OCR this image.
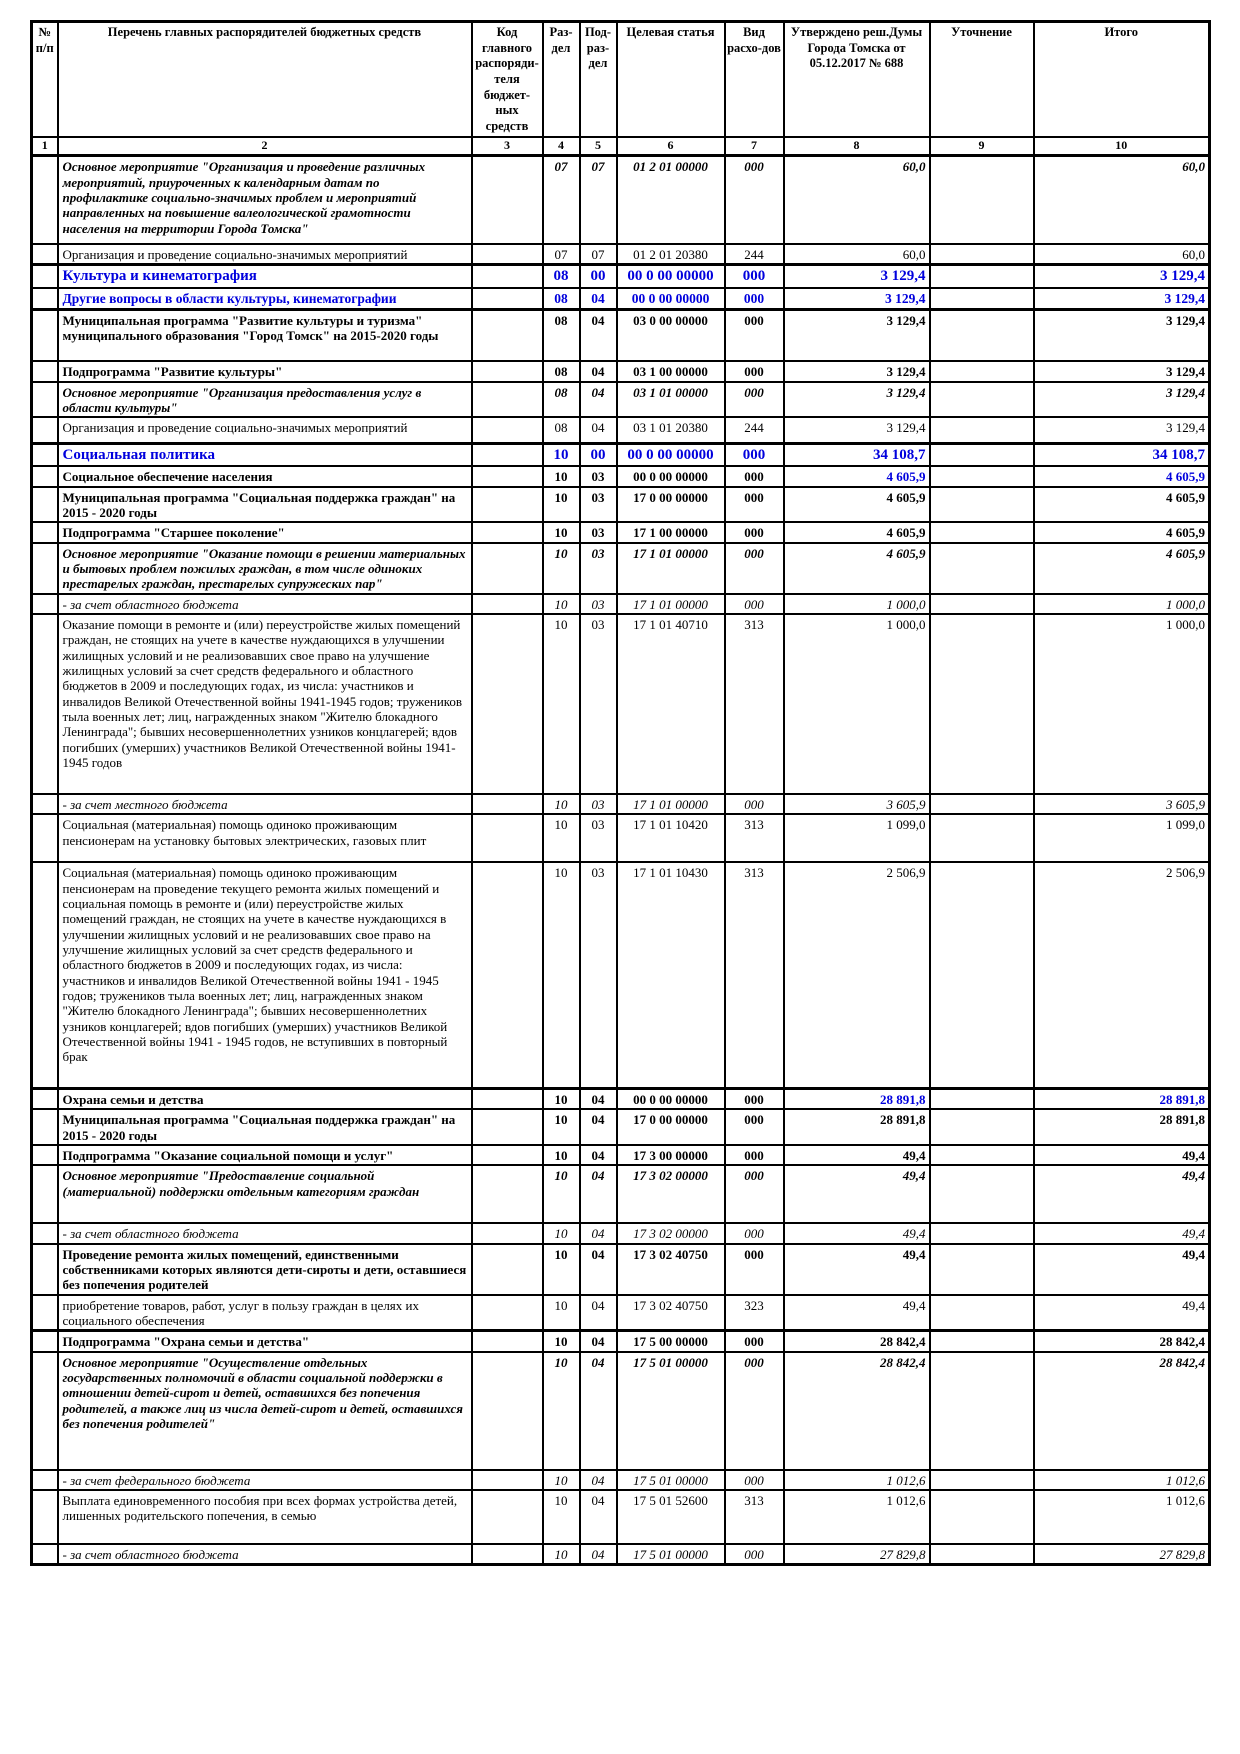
№ п/п	Перечень главных распорядителей бюджетных средств	Код главного распоряди-теля бюджет-ных средств	Раз-дел	Под-раз-дел	Целевая статья	Вид расхо-дов	Утверждено реш.Думы Города Томска от 05.12.2017 № 688	Уточнение	Итого
1	2	3	4	5	6	7	8	9	10
	Основное мероприятие "Организация и проведение различных мероприятий, приуроченных к календарным датам по профилактике социально-значимых проблем и мероприятий направленных на повышение валеологической грамотности населения на территории Города Томска"		07	07	01 2 01 00000	000	60,0		60,0
	Организация и проведение социально-значимых мероприятий		07	07	01 2 01 20380	244	60,0		60,0
	Культура и кинематография		08	00	00 0 00 00000	000	3 129,4		3 129,4
	Другие вопросы в области культуры, кинематографии		08	04	00 0 00 00000	000	3 129,4		3 129,4
	Муниципальная программа "Развитие культуры и туризма" муниципального образования "Город Томск" на 2015-2020 годы		08	04	03 0 00 00000	000	3 129,4		3 129,4
	Подпрограмма "Развитие культуры"		08	04	03 1 00 00000	000	3 129,4		3 129,4
	Основное мероприятие "Организация предоставления услуг в области культуры"		08	04	03 1 01 00000	000	3 129,4		3 129,4
	Организация и проведение социально-значимых мероприятий		08	04	03 1 01 20380	244	3 129,4		3 129,4
	Социальная политика		10	00	00 0 00 00000	000	34 108,7		34 108,7
	Социальное обеспечение населения		10	03	00 0 00 00000	000	4 605,9		4 605,9
	Муниципальная программа "Социальная поддержка граждан" на 2015 - 2020 годы		10	03	17 0 00 00000	000	4 605,9		4 605,9
	Подпрограмма "Старшее поколение"		10	03	17 1 00 00000	000	4 605,9		4 605,9
	Основное мероприятие "Оказание помощи в решении материальных и бытовых проблем пожилых граждан, в том числе одиноких престарелых граждан, престарелых супружеских пар"		10	03	17 1 01 00000	000	4 605,9		4 605,9
	- за счет областного бюджета		10	03	17 1 01 00000	000	1 000,0		1 000,0
	Оказание помощи в ремонте и (или) переустройстве жилых помещений граждан, не стоящих на учете в качестве нуждающихся в улучшении жилищных условий и не реализовавших свое право на улучшение жилищных условий за счет средств федерального и областного бюджетов в 2009 и последующих годах, из числа: участников и инвалидов Великой Отечественной войны 1941-1945 годов; тружеников тыла военных лет; лиц, награжденных знаком "Жителю блокадного Ленинграда"; бывших несовершеннолетних узников концлагерей; вдов погибших (умерших) участников Великой Отечественной войны 1941-1945 годов		10	03	17 1 01 40710	313	1 000,0		1 000,0
	- за счет местного бюджета		10	03	17 1 01 00000	000	3 605,9		3 605,9
	Социальная (материальная) помощь одиноко проживающим пенсионерам на установку бытовых электрических, газовых плит		10	03	17 1 01 10420	313	1 099,0		1 099,0
	Социальная (материальная) помощь одиноко проживающим пенсионерам на проведение текущего ремонта жилых помещений и социальная помощь в ремонте и (или) переустройстве жилых помещений граждан, не стоящих на учете в качестве нуждающихся в улучшении жилищных условий и не реализовавших свое право на улучшение жилищных условий за счет средств федерального и областного бюджетов в 2009 и последующих годах, из числа: участников и инвалидов Великой Отечественной войны 1941 - 1945 годов; тружеников тыла военных лет; лиц, награжденных знаком "Жителю блокадного Ленинграда"; бывших несовершеннолетних узников концлагерей; вдов погибших (умерших) участников Великой Отечественной войны 1941 - 1945 годов, не вступивших в повторный брак		10	03	17 1 01 10430	313	2 506,9		2 506,9
	Охрана семьи и детства		10	04	00 0 00 00000	000	28 891,8		28 891,8
	Муниципальная программа "Социальная поддержка граждан" на 2015 - 2020 годы		10	04	17 0 00 00000	000	28 891,8		28 891,8
	Подпрограмма "Оказание социальной помощи и услуг"		10	04	17 3 00 00000	000	49,4		49,4
	Основное мероприятие "Предоставление социальной (материальной) поддержки отдельным категориям граждан		10	04	17 3 02 00000	000	49,4		49,4
	- за счет областного бюджета		10	04	17 3 02 00000	000	49,4		49,4
	Проведение ремонта жилых помещений, единственными собственниками которых являются дети-сироты и дети, оставшиеся без попечения родителей		10	04	17 3 02 40750	000	49,4		49,4
	приобретение товаров, работ, услуг в пользу граждан в целях их социального обеспечения		10	04	17 3 02 40750	323	49,4		49,4
	Подпрограмма "Охрана семьи и детства"		10	04	17 5 00 00000	000	28 842,4		28 842,4
	Основное мероприятие "Осуществление отдельных государственных полномочий в области социальной поддержки в отношении детей-сирот и детей, оставшихся без попечения родителей, а также лиц из числа детей-сирот и детей, оставшихся без попечения родителей"		10	04	17 5 01 00000	000	28 842,4		28 842,4
	- за счет федерального бюджета		10	04	17 5 01 00000	000	1 012,6		1 012,6
	Выплата единовременного пособия при всех формах устройства детей, лишенных родительского попечения, в семью		10	04	17 5 01 52600	313	1 012,6		1 012,6
	- за счет областного бюджета		10	04	17 5 01 00000	000	27 829,8		27 829,8
